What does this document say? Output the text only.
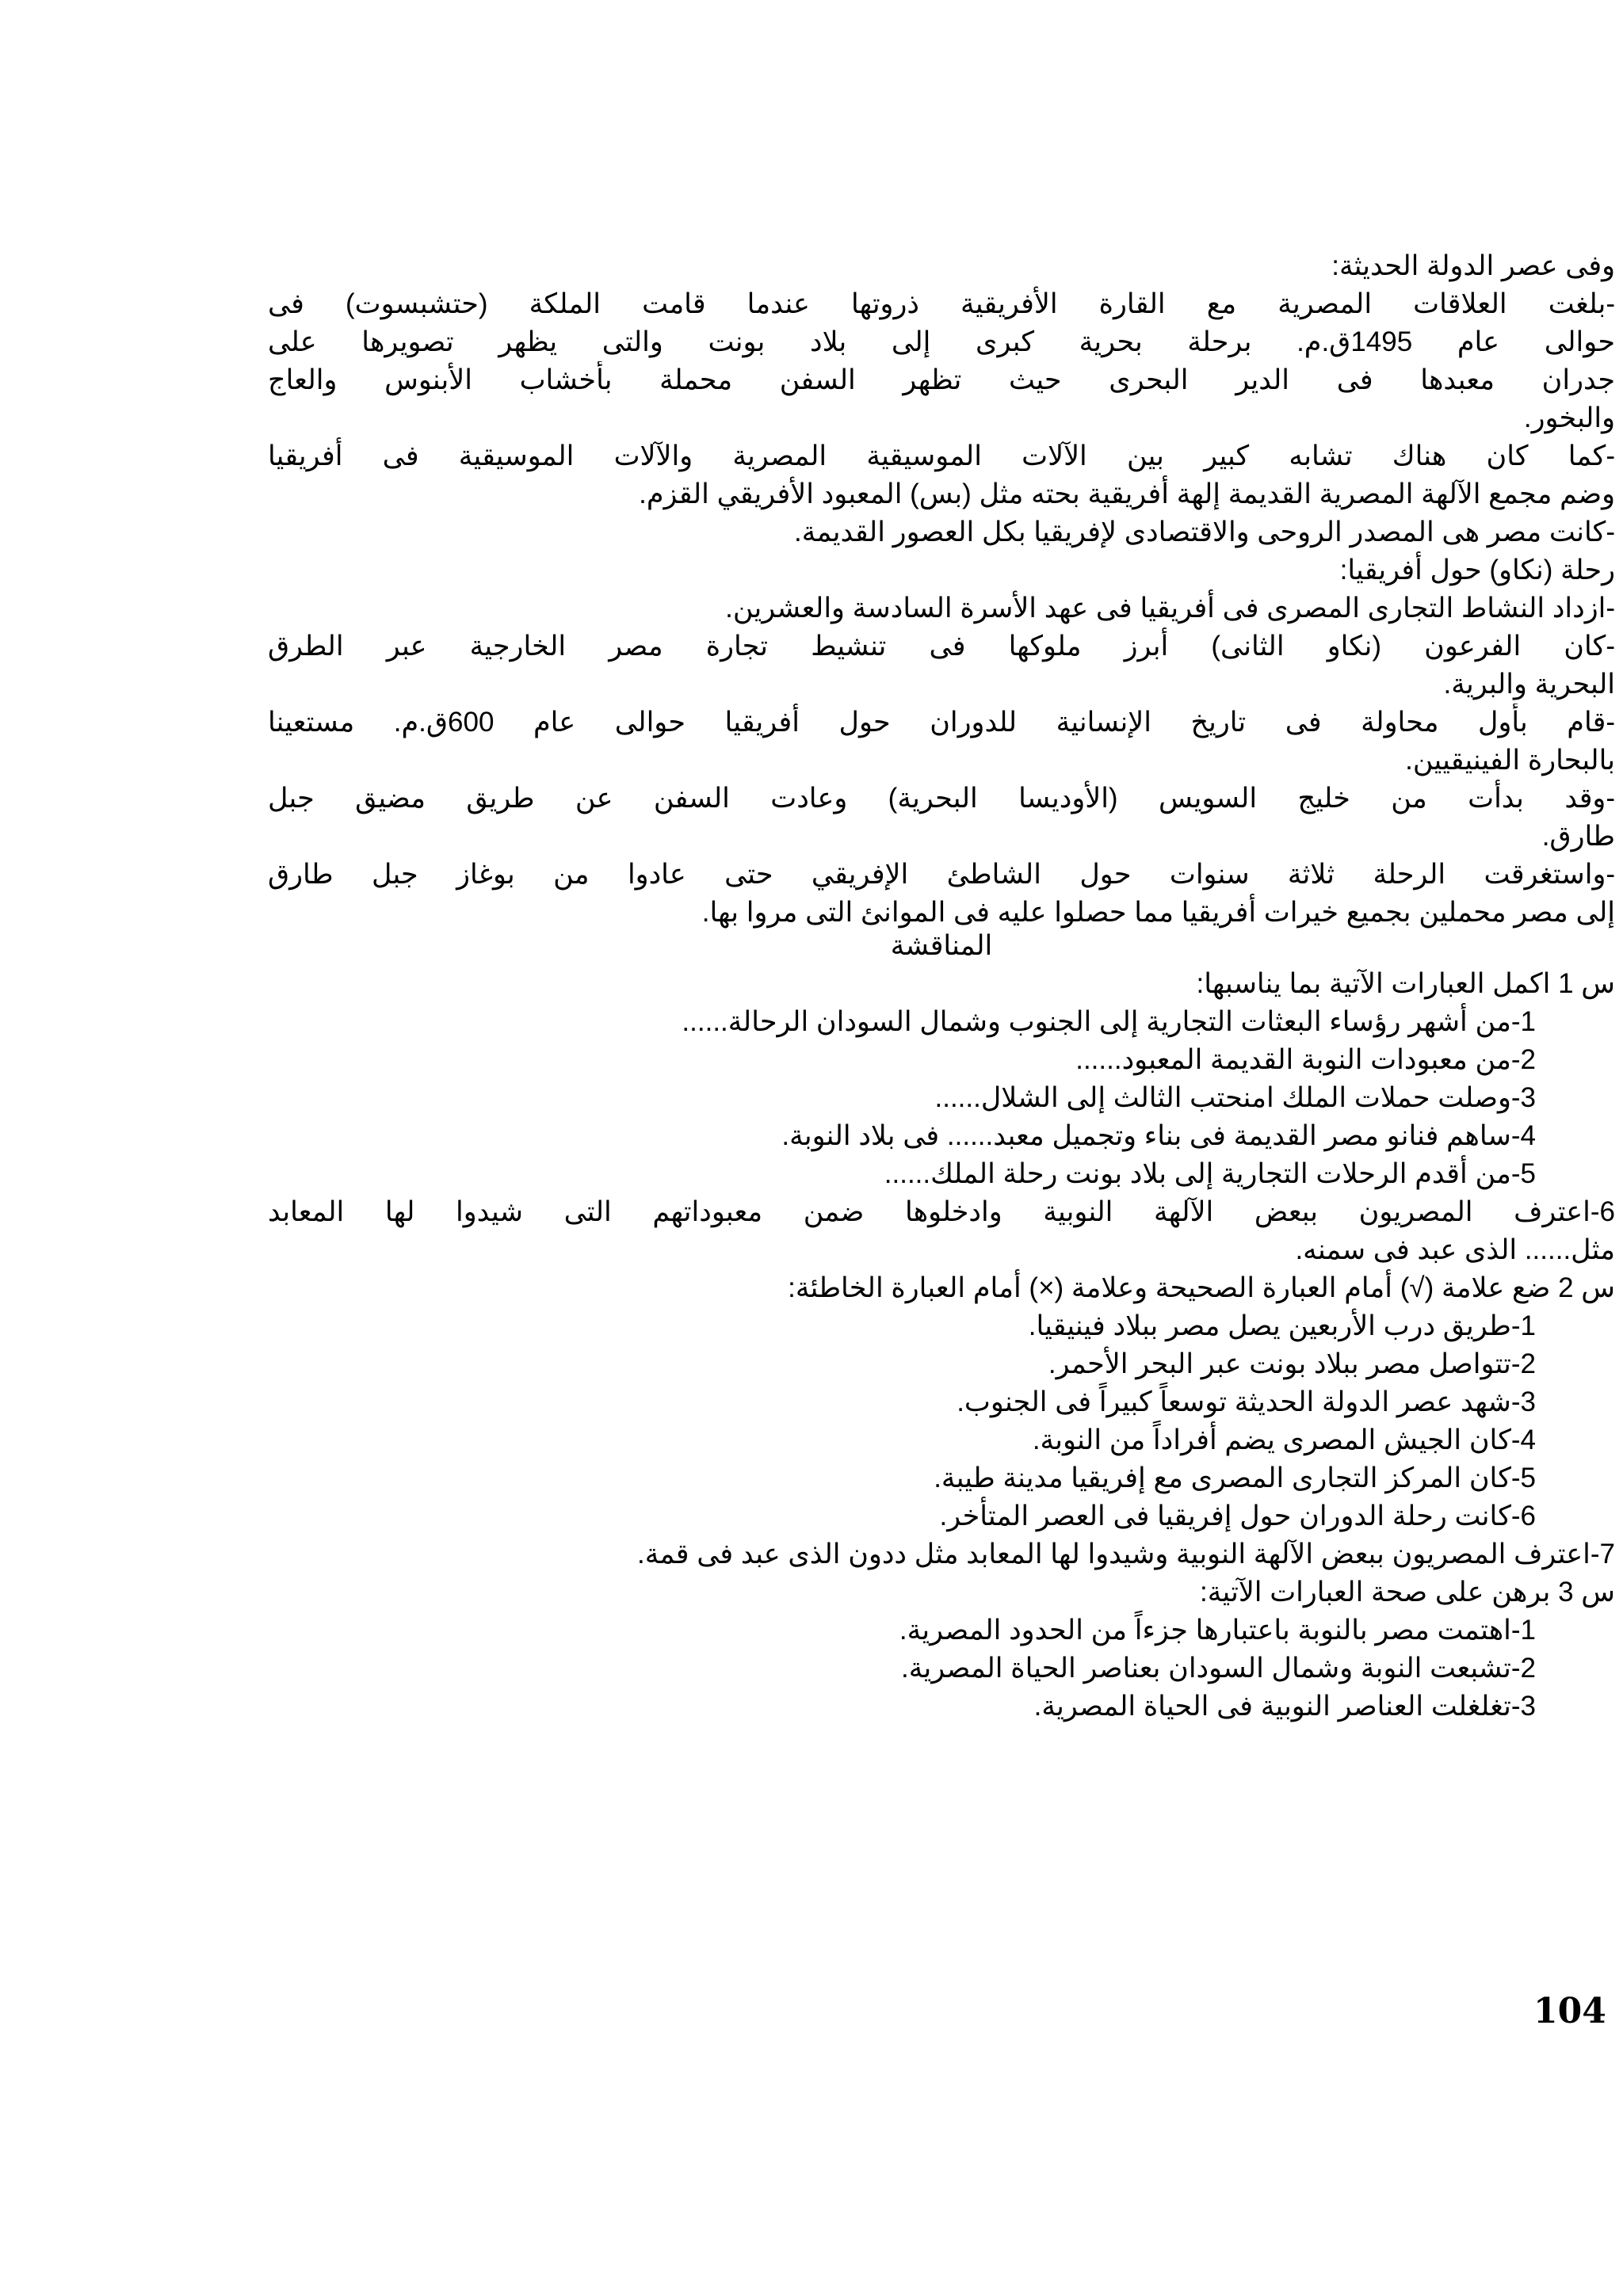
وفى عصر الدولة الحديثة:
-بلغت العلاقات المصرية مع القارة الأفريقية ذروتها عندما قامت الملكة (حتشبسوت) فى
حوالى عام 1495ق.م. برحلة بحرية كبرى إلى بلاد بونت والتى يظهر تصويرها على
جدران معبدها فى الدير البحرى حيث تظهر السفن محملة بأخشاب الأبنوس والعاج
والبخور.
-كما كان هناك تشابه كبير بين الآلات الموسيقية المصرية والآلات الموسيقية فى أفريقيا
وضم مجمع الآلهة المصرية القديمة إلهة أفريقية بحته مثل (بس) المعبود الأفريقي القزم.
-كانت مصر هى المصدر الروحى والاقتصادى لإفريقيا بكل العصور القديمة.
رحلة (نكاو) حول أفريقيا:
-ازداد النشاط التجارى المصرى فى أفريقيا فى عهد الأسرة السادسة والعشرين.
-كان الفرعون (نكاو الثانى) أبرز ملوكها فى تنشيط تجارة مصر الخارجية عبر الطرق
البحرية والبرية.
-قام بأول محاولة فى تاريخ الإنسانية للدوران حول أفريقيا حوالى عام 600ق.م. مستعينا
بالبحارة الفينيقيين.
-وقد بدأت من خليج السويس (الأوديسا البحرية) وعادت السفن عن طريق مضيق جبل
طارق.
-واستغرقت الرحلة ثلاثة سنوات حول الشاطئ الإفريقي حتى عادوا من بوغاز جبل طارق
إلى مصر محملين بجميع خيرات أفريقيا مما حصلوا عليه فى الموانئ التى مروا بها.
المناقشة
س 1 اكمل العبارات الآتية بما يناسبها:
1-من أشهر رؤساء البعثات التجارية إلى الجنوب وشمال السودان الرحالة......
2-من معبودات النوبة القديمة المعبود......
3-وصلت حملات الملك امنحتب الثالث إلى الشلال......
4-ساهم فنانو مصر القديمة فى بناء وتجميل معبد...... فى بلاد النوبة.
5-من أقدم الرحلات التجارية إلى بلاد بونت رحلة الملك......
6-اعترف المصريون ببعض الآلهة النوبية وادخلوها ضمن معبوداتهم التى شيدوا لها المعابد
مثل...... الذى عبد فى سمنه.
س 2 ضع علامة (√) أمام العبارة الصحيحة وعلامة (×) أمام العبارة الخاطئة:
1-طريق درب الأربعين يصل مصر ببلاد فينيقيا.
2-تتواصل مصر ببلاد بونت عبر البحر الأحمر.
3-شهد عصر الدولة الحديثة توسعاً كبيراً فى الجنوب.
4-كان الجيش المصرى يضم أفراداً من النوبة.
5-كان المركز التجارى المصرى مع إفريقيا مدينة طيبة.
6-كانت رحلة الدوران حول إفريقيا فى العصر المتأخر.
7-اعترف المصريون ببعض الآلهة النوبية وشيدوا لها المعابد مثل ددون الذى عبد فى قمة.
س 3 برهن على صحة العبارات الآتية:
1-اهتمت مصر بالنوبة باعتبارها جزءاً من الحدود المصرية.
2-تشبعت النوبة وشمال السودان بعناصر الحياة المصرية.
3-تغلغلت العناصر النوبية فى الحياة المصرية.
104
